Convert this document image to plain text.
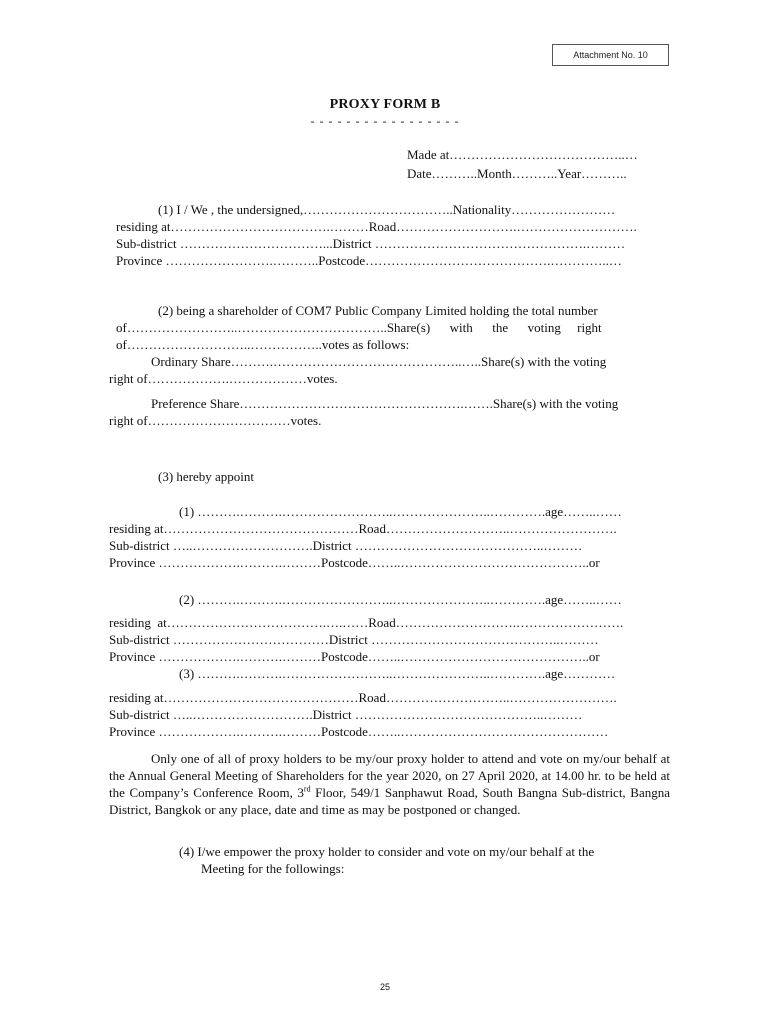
Attachment No. 10
PROXY FORM B
- - - - - - - - - - - - - - - - -
Made at…………………………………..…
Date………..Month………..Year………..
(1) I / We , the undersigned,……………………………..Nationality……………………
residing at……………………………….………Road……………………….……………………….
Sub-district ……………………………...District ………………………………………….………
Province …………………….………..Postcode…………………………………….…………..…
(2) being a shareholder of COM7 Public Company Limited holding the total number
of……………………..……………………………..Share(s)      with      the      voting     right
of………………………..……………..votes as follows:
Ordinary Share……….……………………………………..…..Share(s) with the voting
right of……………….………………votes.
Preference Share…………………………………………….…….Share(s) with the voting
right of……………………………votes.
(3) hereby appoint
(1) ……….……….……………………..…………………..………….age……..……
residing at………………………………………Road………………………..…………………….
Sub-district …..……………………….District ……………………………………..………
Province ……………….……….………Postcode……..……………………………………..or
(2) ……….……….……………………..…………………..………….age……..……
residing  at……………………………….….……Road……………………….…………………….
Sub-district ………………………………District ……………………………………..………
Province ……………….……….………Postcode……..……………………………………..or
(3) ……….……….……………………..…………………..………….age…………
residing at………………………………………Road………………………..…………………….
Sub-district …..……………………….District ……………………………………..………
Province ……………….……….………Postcode……..…………………………………………
Only one of all of proxy holders to be my/our proxy holder to attend and vote on my/our behalf at the Annual General Meeting of Shareholders for the year 2020, on 27 April 2020, at 14.00 hr. to be held at the Company’s Conference Room, 3rd Floor, 549/1 Sanphawut Road, South Bangna Sub-district, Bangna District, Bangkok or any place, date and time as may be postponed or changed.
(4) I/we empower the proxy holder to consider and vote on my/our behalf at the
Meeting for the followings:
25
